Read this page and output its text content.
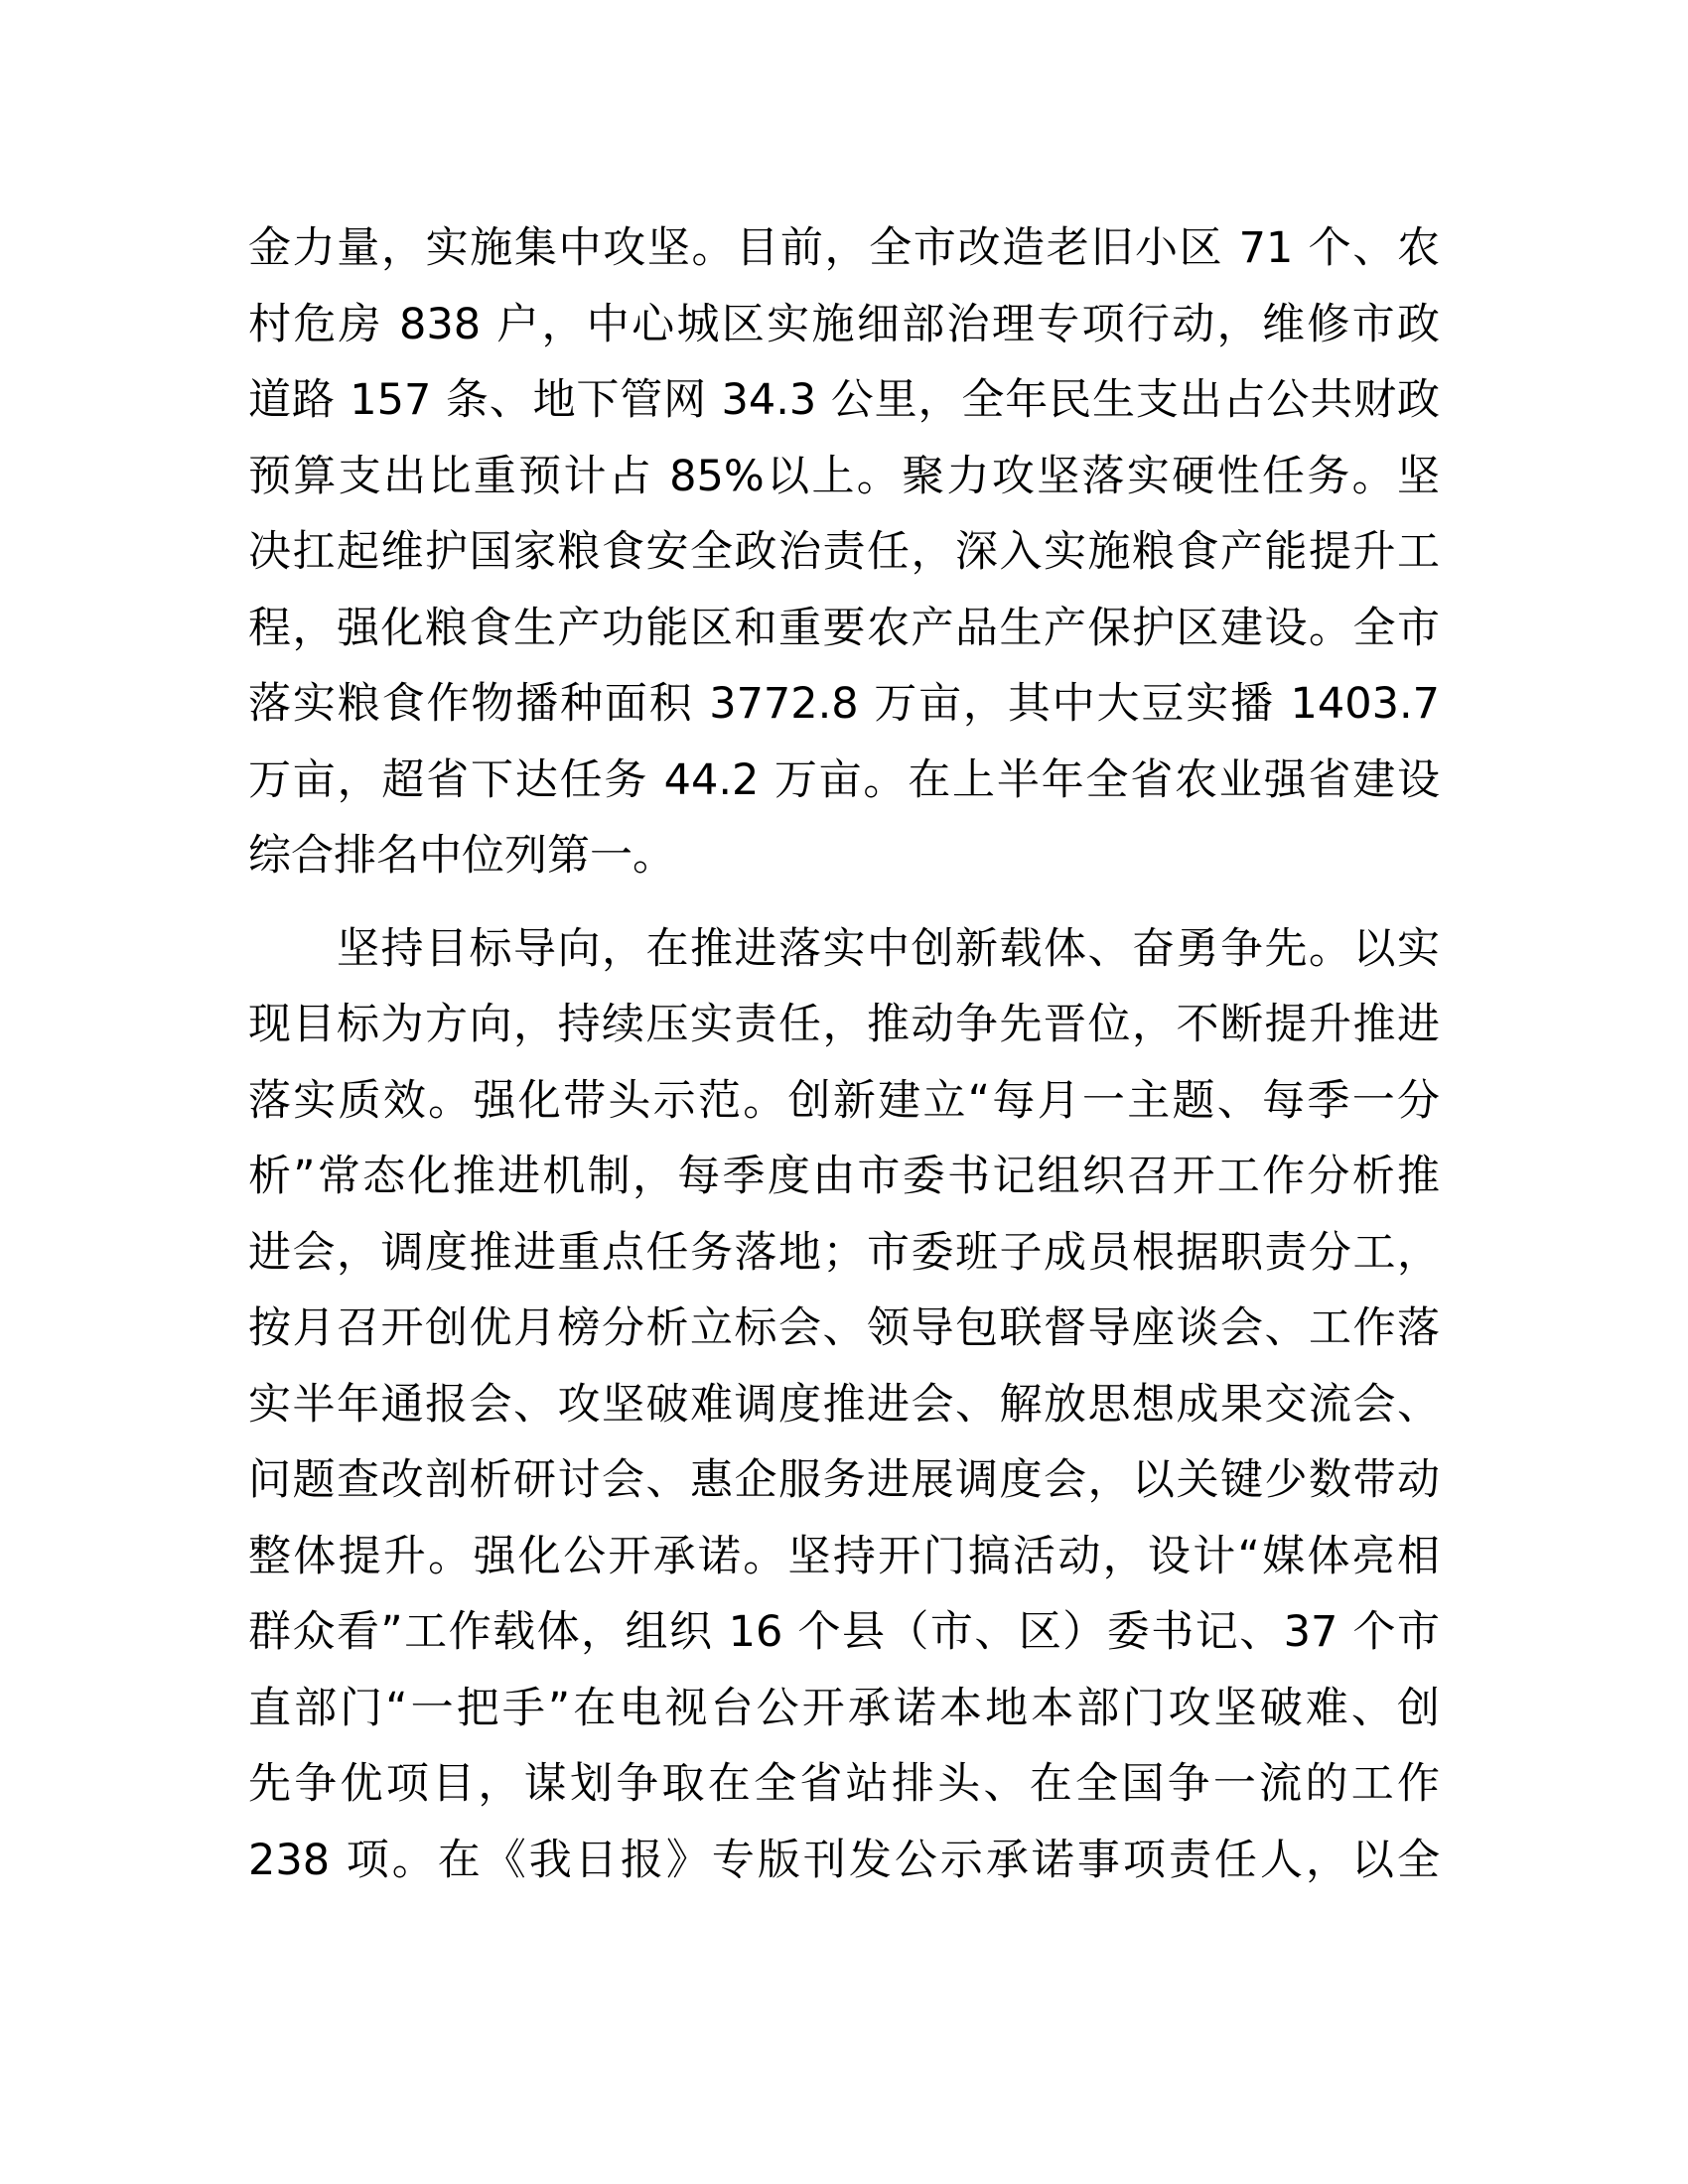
金力量，实施集中攻坚。目前，全市改造老旧小区 71 个、农
村危房 838 户，中心城区实施细部治理专项行动，维修市政
道路 157 条、地下管网 34.3 公里，全年民生支出占公共财政
预算支出比重预计占 85%以上。聚力攻坚落实硬性任务。坚
决扛起维护国家粮食安全政治责任，深入实施粮食产能提升工
程，强化粮食生产功能区和重要农产品生产保护区建设。全市
落实粮食作物播种面积 3772.8 万亩，其中大豆实播 1403.7
万亩，超省下达任务 44.2 万亩。在上半年全省农业强省建设
综合排名中位列第一。
　　坚持目标导向，在推进落实中创新载体、奋勇争先。以实
现目标为方向，持续压实责任，推动争先晋位，不断提升推进
落实质效。强化带头示范。创新建立“每月一主题、每季一分
析”常态化推进机制，每季度由市委书记组织召开工作分析推
进会，调度推进重点任务落地；市委班子成员根据职责分工，
按月召开创优月榜分析立标会、领导包联督导座谈会、工作落
实半年通报会、攻坚破难调度推进会、解放思想成果交流会、
问题查改剖析研讨会、惠企服务进展调度会，以关键少数带动
整体提升。强化公开承诺。坚持开门搞活动，设计“媒体亮相
群众看”工作载体，组织 16 个县（市、区）委书记、37 个市
直部门“一把手”在电视台公开承诺本地本部门攻坚破难、创
先争优项目，谋划争取在全省站排头、在全国争一流的工作
238 项。在《我日报》专版刊发公示承诺事项责任人，以全
